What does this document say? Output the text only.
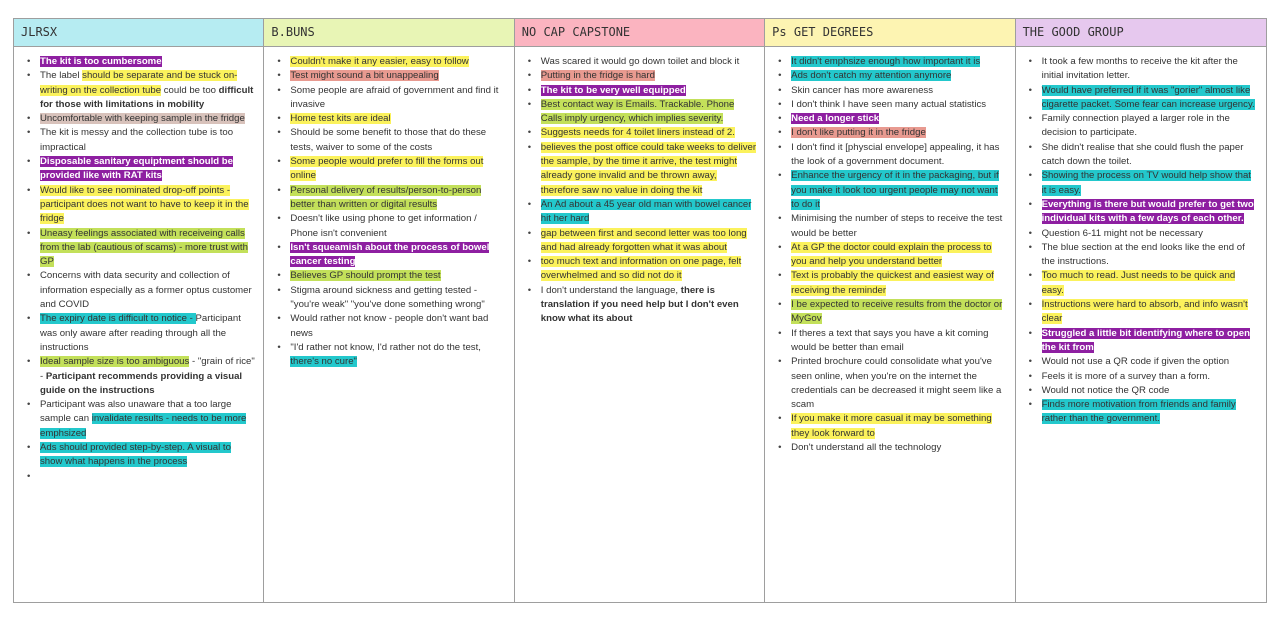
JLRSX
• The kit is too cumbersome
• The label should be separate and be stuck on-writing on the collection tube could be too difficult for those with limitations in mobility
• Uncomfortable with keeping sample in the fridge
• The kit is messy and the collection tube is too impractical
• Disposable sanitary equiptment should be provided like with RAT kits
• Would like to see nominated drop-off points - participant does not want to have to keep it in the fridge
• Uneasy feelings associated with receiveing calls from the lab (cautious of scams) - more trust with GP
• Concerns with data security and collection of information especially as a former optus customer and COVID
• The expiry date is difficult to notice - Participant was only aware after reading through all the instructions
• Ideal sample size is too ambiguous - "grain of rice" - Participant recommends providing a visual guide on the instructions
• Participant was also unaware that a too large sample can invalidate results - needs to be more emphsized
• Ads should provided step-by-step. A visual to show what happens in the process
•
B.BUNS
• Couldn't make it any easier, easy to follow
• Test might sound a bit unappealing
• Some people are afraid of government and find it invasive
• Home test kits are ideal
• Should be some benefit to those that do these tests, waiver to some of the costs
• Some people would prefer to fill the forms out online
• Personal delivery of results/person-to-person better than written or digital results
• Doesn't like using phone to get information / Phone isn't convenient
• Isn't squeamish about the process of bowel cancer testing
• Believes GP should prompt the test
• Stigma around sickness and getting tested - "you're weak" "you've done something wrong"
• Would rather not know - people don't want bad news
• "I'd rather not know, I'd rather not do the test, there's no cure"
NO CAP CAPSTONE
• Was scared it would go down toilet and block it
• Putting in the fridge is hard
• The kit to be very well equipped
• Best contact way is Emails. Trackable. Phone Calls imply urgency, which implies severity.
• Suggests needs for 4 toilet liners instead of 2.
• believes the post office could take weeks to deliver the sample, by the time it arrive, the test might already gone invalid and be thrown away, therefore saw no value in doing the kit
• An Ad about a 45 year old man with bowel cancer hit her hard
• gap between first and second letter was too long and had already forgotten what it was about
• too much text and information on one page, felt overwhelmed and so did not do it
• I don't understand the language, there is translation if you need help but I don't even know what its about
Ps GET DEGREES
• It didn't emphsize enough how important it is
• Ads don't catch my attention anymore
• Skin cancer has more awareness
• I don't think I have seen many actual statistics
• Need a longer stick
• I don't like putting it in the fridge
• I don't find it [physcial envelope] appealing, it has the look of a government document.
• Enhance the urgency of it in the packaging, but if you make it look too urgent people may not want to do it
• Minimising the number of steps to receive the test would be better
• At a GP the doctor could explain the process to you and help you understand better
• Text is probably the quickest and easiest way of receiving the reminder
• I be expected to receive results from the doctor or MyGov
• If theres a text that says you have a kit coming would be better than email
• Printed brochure could consolidate what you've seen online, when you're on the internet the credentials can be decreased it might seem like a scam
• If you make it more casual it may be something they look forward to
• Don't understand all the technology
THE GOOD GROUP
• It took a few months to receive the kit after the initial invitation letter.
• Would have preferred if it was "gorier" almost like cigarette packet. Some fear can increase urgency.
• Family connection played a larger role in the decision to participate.
• She didn't realise that she could flush the paper catch down the toilet.
• Showing the process on TV would help show that it is easy.
• Everything is there but would prefer to get two individual kits with a few days of each other.
• Question 6-11 might not be necessary
• The blue section at the end looks like the end of the instructions.
• Too much to read. Just needs to be quick and easy.
• Instructions were hard to absorb, and info wasn't clear
• Struggled a little bit identifying where to open the kit from
• Would not use a QR code if given the option
• Feels it is more of a survey than a form.
• Would not notice the QR code
• Finds more motivation from friends and family rather than the government.
